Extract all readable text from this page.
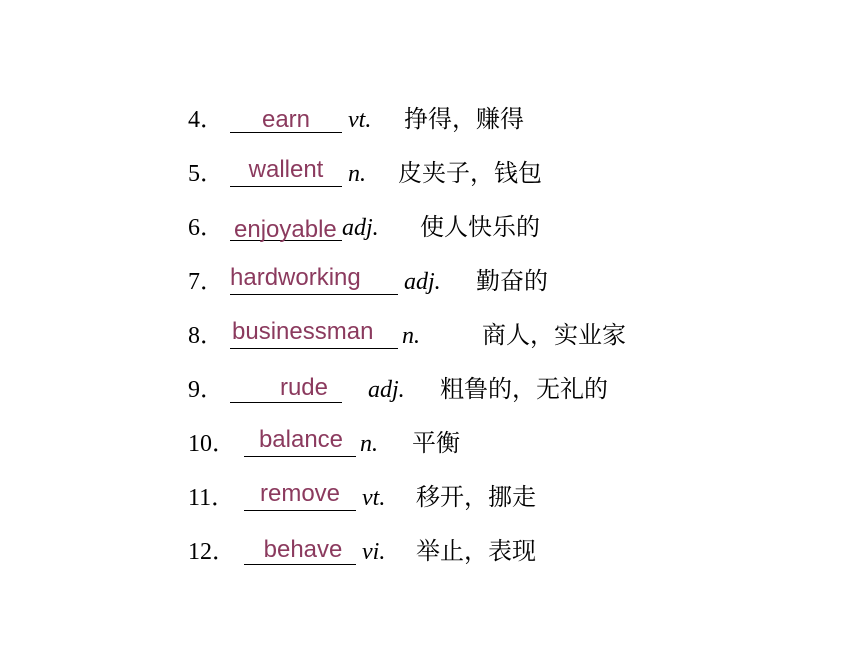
4．	earn	vt. 挣得，赚得
5．	wallent	n. 皮夹子，钱包
6． enjoyable adj. 使人快乐的
7． hardworking	adj. 勤奋的
8． businessman n.	商人，实业家
9．	rude	adj. 粗鲁的，无礼的
10． balance n. 平衡
11．	remove vt. 移开，挪走
12．	behave vi. 举止，表现
